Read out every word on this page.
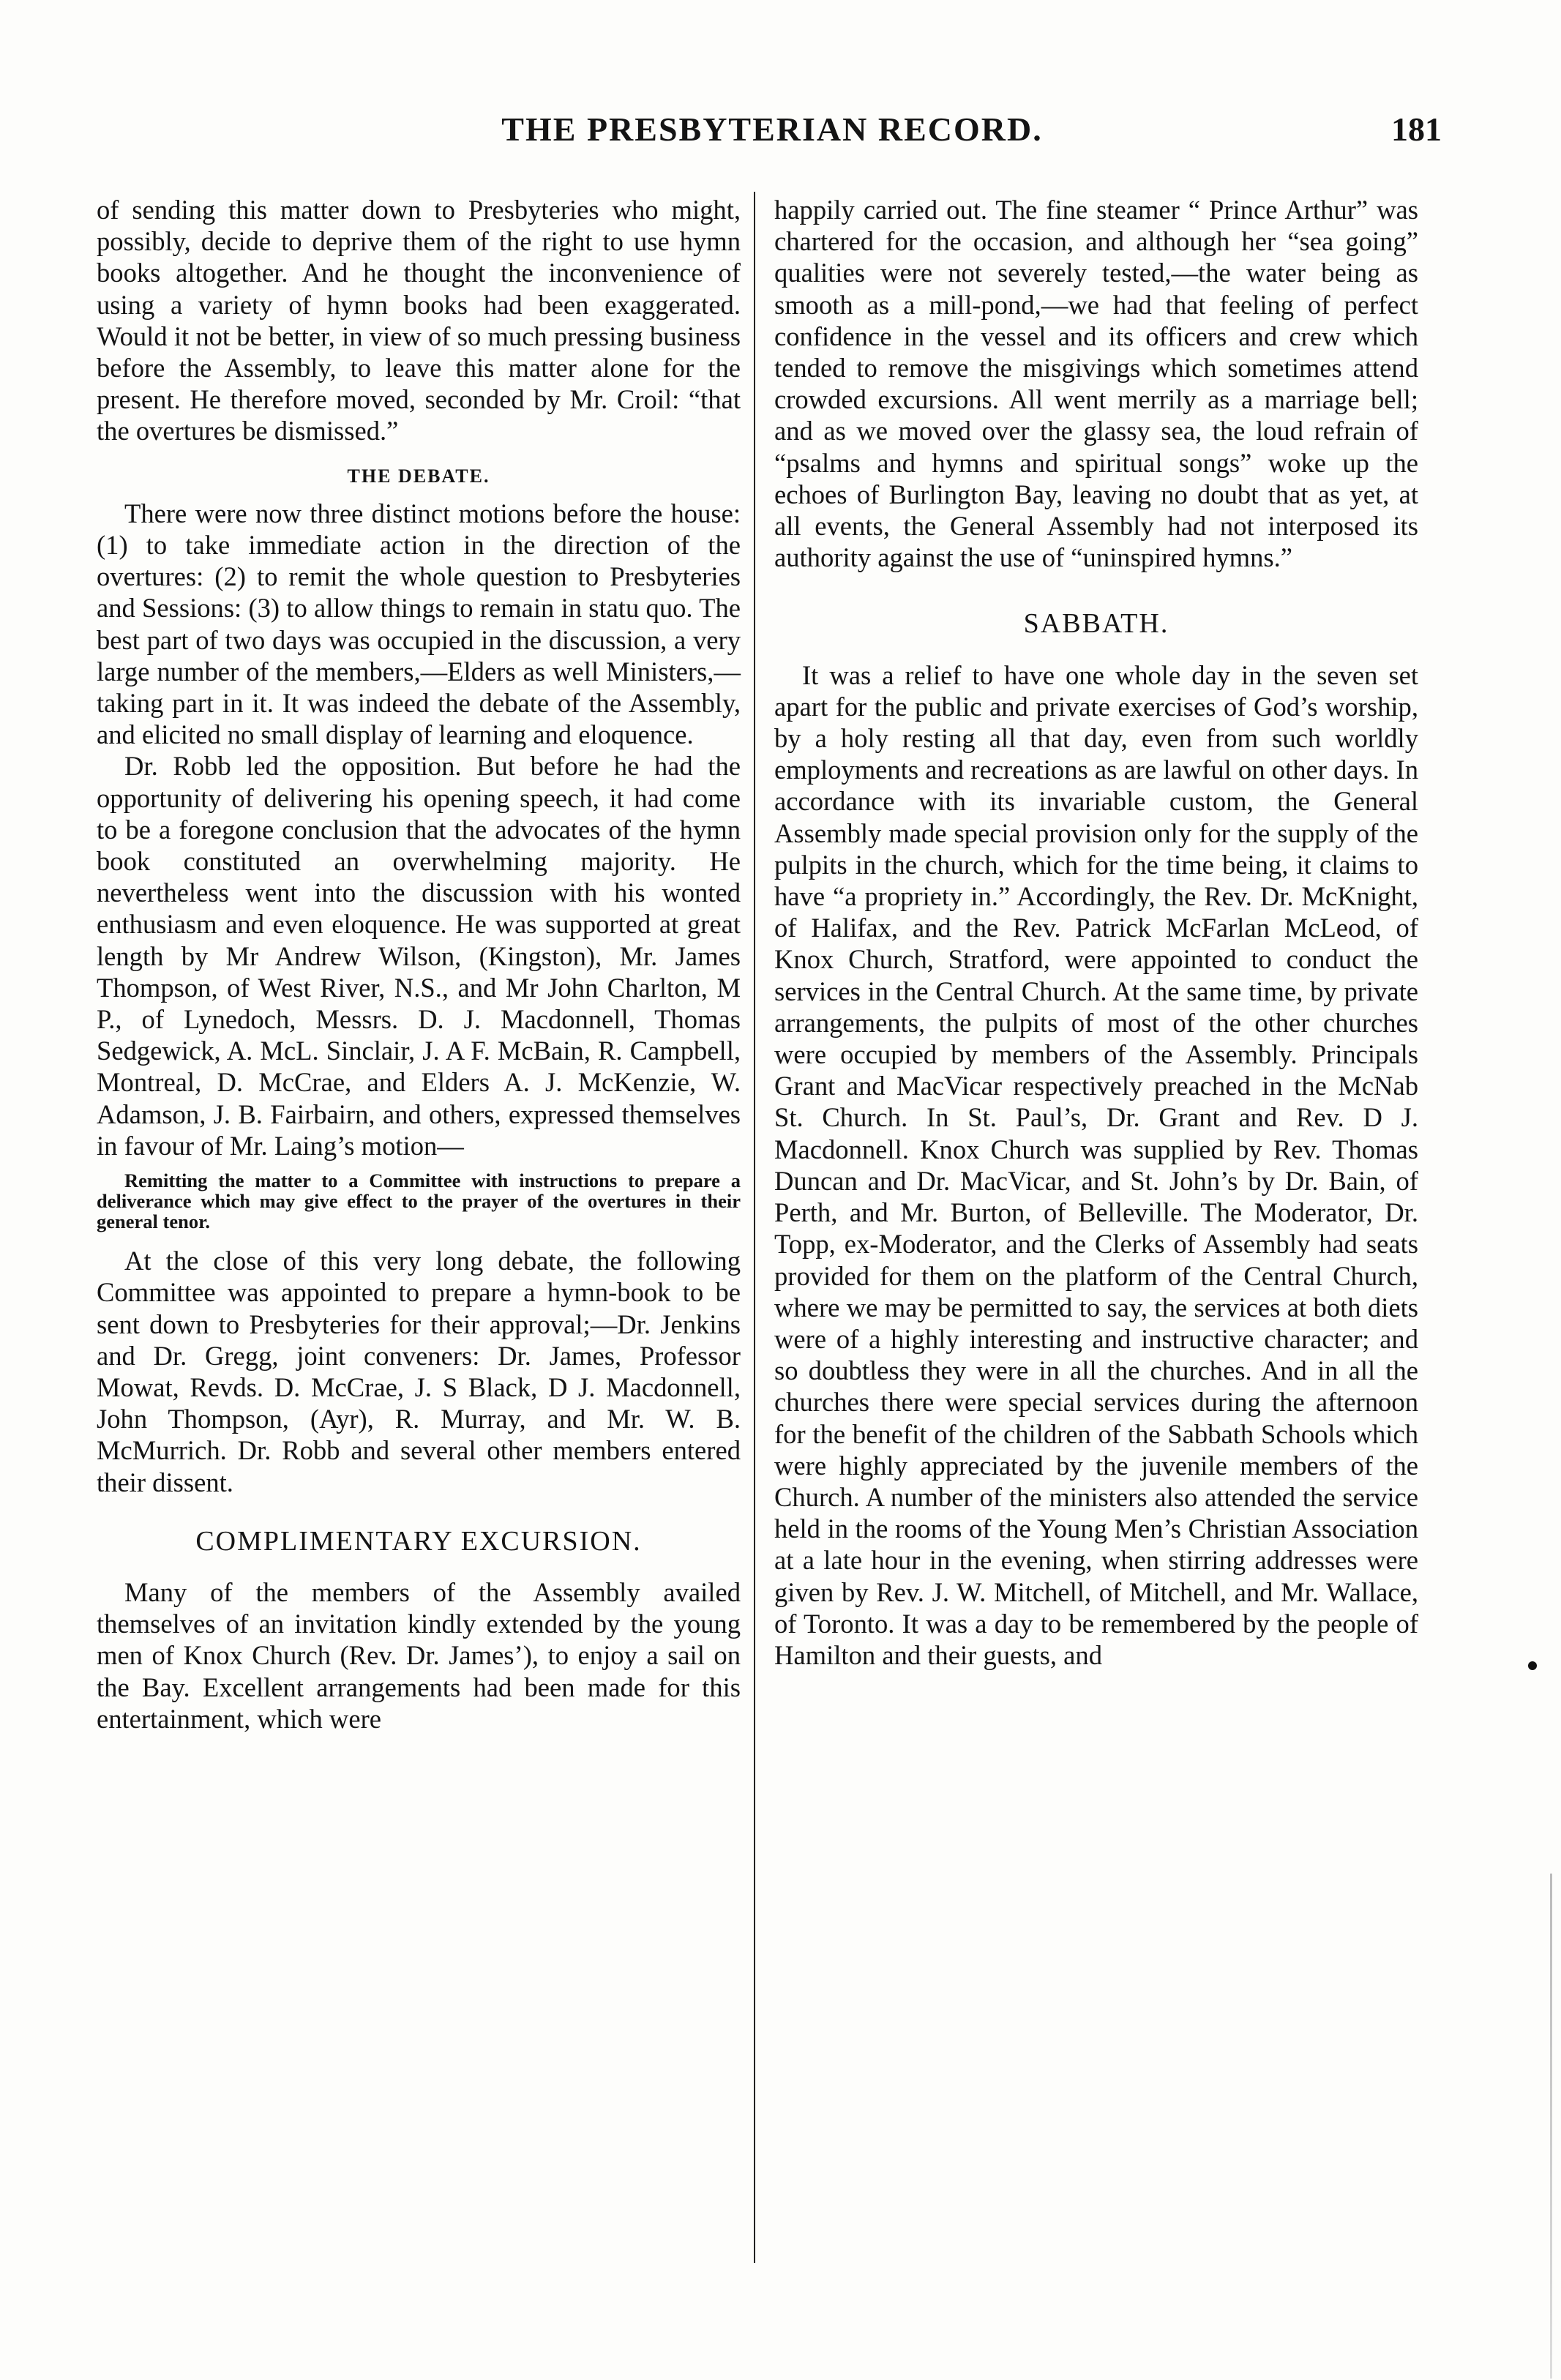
THE PRESBYTERIAN RECORD.	181

of sending this matter down to Presbyteries who might, possibly, decide to deprive them of the right to use hymn books altogether. And he thought the inconvenience of using a variety of hymn books had been exaggerated. Would it not be better, in view of so much pressing business before the Assembly, to leave this matter alone for the present. He therefore moved, seconded by Mr. Croil: “that the overtures be dismissed.”

THE DEBATE.

There were now three distinct motions before the house: (1) to take immediate action in the direction of the overtures: (2) to remit the whole question to Presbyteries and Sessions: (3) to allow things to remain in statu quo. The best part of two days was occupied in the discussion, a very large number of the members,—Elders as well Ministers,—taking part in it. It was indeed the debate of the Assembly, and elicited no small display of learning and eloquence.

Dr. Robb led the opposition. But before he had the opportunity of delivering his opening speech, it had come to be a foregone conclusion that the advocates of the hymn book constituted an overwhelming majority. He nevertheless went into the discussion with his wonted enthusiasm and even eloquence. He was supported at great length by Mr Andrew Wilson, (Kingston), Mr. James Thompson, of West River, N.S., and Mr John Charlton, M P., of Lynedoch, Messrs. D. J. Macdonnell, Thomas Sedgewick, A. McL. Sinclair, J. A F. McBain, R. Campbell, Montreal, D. McCrae, and Elders A. J. McKenzie, W. Adamson, J. B. Fairbairn, and others, expressed themselves in favour of Mr. Laing’s motion—

Remitting the matter to a Committee with instructions to prepare a deliverance which may give effect to the prayer of the overtures in their general tenor.

At the close of this very long debate, the following Committee was appointed to prepare a hymn-book to be sent down to Presbyteries for their approval;—Dr. Jenkins and Dr. Gregg, joint conveners: Dr. James, Professor Mowat, Revds. D. McCrae, J. S Black, D J. Macdonnell, John Thompson, (Ayr), R. Murray, and Mr. W. B. McMurrich. Dr. Robb and several other members entered their dissent.

COMPLIMENTARY EXCURSION.

Many of the members of the Assembly availed themselves of an invitation kindly extended by the young men of Knox Church (Rev. Dr. James’), to enjoy a sail on the Bay. Excellent arrangements had been made for this entertainment, which were

happily carried out. The fine steamer “ Prince Arthur” was chartered for the occasion, and although her “sea going” qualities were not severely tested,—the water being as smooth as a mill-pond,—we had that feeling of perfect confidence in the vessel and its officers and crew which tended to remove the misgivings which sometimes attend crowded excursions. All went merrily as a marriage bell; and as we moved over the glassy sea, the loud refrain of “psalms and hymns and spiritual songs” woke up the echoes of Burlington Bay, leaving no doubt that as yet, at all events, the General Assembly had not interposed its authority against the use of “uninspired hymns.”

SABBATH.

It was a relief to have one whole day in the seven set apart for the public and private exercises of God’s worship, by a holy resting all that day, even from such worldly employments and recreations as are lawful on other days. In accordance with its invariable custom, the General Assembly made special provision only for the supply of the pulpits in the church, which for the time being, it claims to have “a propriety in.” Accordingly, the Rev. Dr. McKnight, of Halifax, and the Rev. Patrick McFarlan McLeod, of Knox Church, Stratford, were appointed to conduct the services in the Central Church. At the same time, by private arrangements, the pulpits of most of the other churches were occupied by members of the Assembly. Principals Grant and MacVicar respectively preached in the McNab St. Church. In St. Paul’s, Dr. Grant and Rev. D J. Macdonnell. Knox Church was supplied by Rev. Thomas Duncan and Dr. MacVicar, and St. John’s by Dr. Bain, of Perth, and Mr. Burton, of Belleville. The Moderator, Dr. Topp, ex-Moderator, and the Clerks of Assembly had seats provided for them on the platform of the Central Church, where we may be permitted to say, the services at both diets were of a highly interesting and instructive character; and so doubtless they were in all the churches. And in all the churches there were special services during the afternoon for the benefit of the children of the Sabbath Schools which were highly appreciated by the juvenile members of the Church. A number of the ministers also attended the service held in the rooms of the Young Men’s Christian Association at a late hour in the evening, when stirring addresses were given by Rev. J. W. Mitchell, of Mitchell, and Mr. Wallace, of Toronto. It was a day to be remembered by the people of Hamilton and their guests, and
